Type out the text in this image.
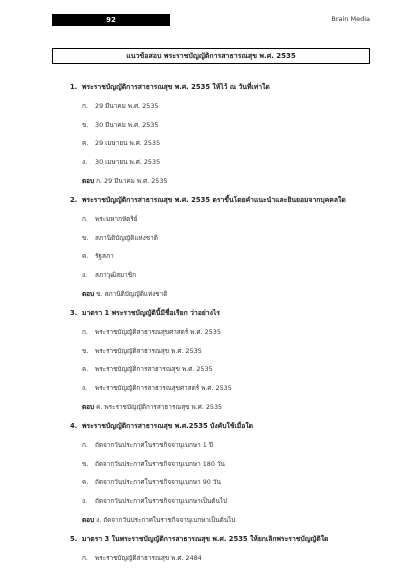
92	Brain Media
แนวข้อสอบ พระราชบัญญัติการสาธารณสุข พ.ศ. 2535
1. พระราชบัญญัติการสาธารณสุข พ.ศ. 2535 ให้ไว้ ณ วันที่เท่าใด
ก. 29 มีนาคม พ.ศ. 2535
ข. 30 มีนาคม พ.ศ. 2535
ค. 29 เมษายน พ.ศ. 2535
ง. 30 เมษายน พ.ศ. 2535
ตอบ ก. 29 มีนาคม พ.ศ. 2535
2. พระราชบัญญัติการสาธารณสุข พ.ศ. 2535 ตราขึ้นโดยคำแนะนำและยินยอมจากบุคคลใด
ก. พระมหากษัตริย์
ข. สภานิติบัญญัติแห่งชาติ
ค. รัฐสภา
ง. สภาวุฒิสมาชิก
ตอบ ข. สภานิติบัญญัติแห่งชาติ
3. มาตรา 1 พระราชบัญญัตินี้มีชื่อเรียก ว่าอย่างไร
ก. พระราชบัญญัติสาธารณสุขศาสตร์ พ.ศ. 2535
ข. พระราชบัญญัติสาธารณสุข พ.ศ. 2535
ค. พระราชบัญญัติการสาธารณสุข พ.ศ. 2535
ง. พระราชบัญญัติการสาธารณสุขศาสตร์ พ.ศ. 2535
ตอบ ค. พระราชบัญญัติการสาธารณสุข พ.ศ. 2535
4. พระราชบัญญัติการสาธารณสุข พ.ศ.2535 บังคับใช้เมื่อใด
ก. ถัดจากวันประกาศในราชกิจจานุเบกษา 1 ปี
ข. ถัดจากวันประกาศในราชกิจจานุเบกษา 180 วัน
ค. ถัดจากวันประกาศในราชกิจจานุเบกษา 90 วัน
ง. ถัดจากวันประกาศในราชกิจจานุเบกษาเป็นต้นไป
ตอบ ง. ถัดจากวันประกาศในราชกิจจานุเบกษาเป็นต้นไป
5. มาตรา 3 ในพระราชบัญญัติการสาธารณสุข พ.ศ. 2535 ให้ยกเลิกพระราชบัญญัติใด
ก. พระราชบัญญัติสาธารณสุข พ.ศ. 2484
